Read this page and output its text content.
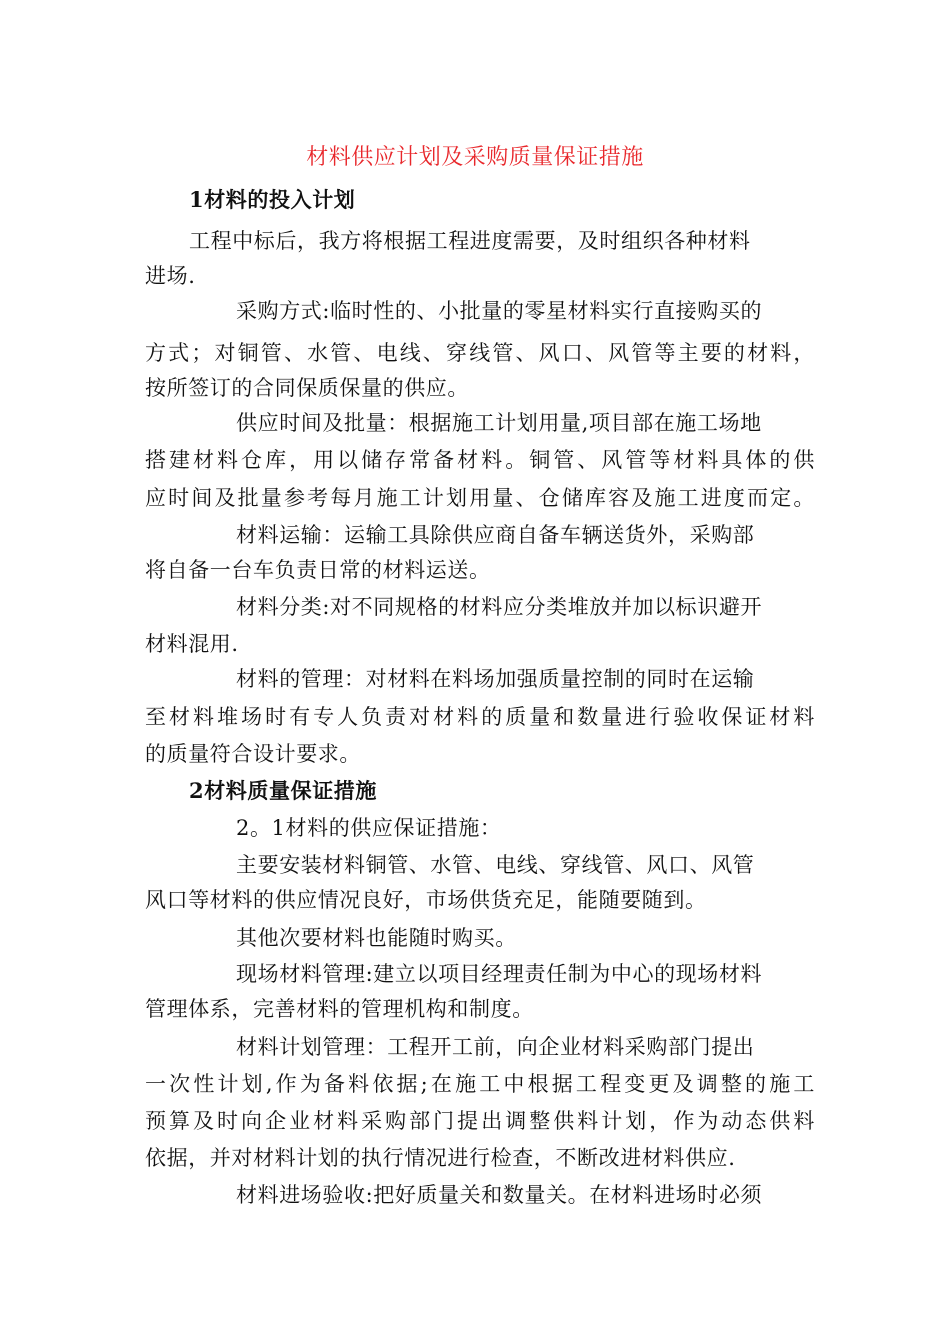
材料供应计划及采购质量保证措施
1材料的投入计划
工程中标后，我方将根据工程进度需要，及时组织各种材料
进场.
采购方式:临时性的、小批量的零星材料实行直接购买的
方式；对铜管、水管、电线、穿线管、风口、风管等主要的材料，
按所签订的合同保质保量的供应。
供应时间及批量：根据施工计划用量,项目部在施工场地
搭建材料仓库，用以储存常备材料。铜管、风管等材料具体的供
应时间及批量参考每月施工计划用量、仓储库容及施工进度而定。
材料运输：运输工具除供应商自备车辆送货外，采购部
将自备一台车负责日常的材料运送。
材料分类:对不同规格的材料应分类堆放并加以标识避开
材料混用.
材料的管理：对材料在料场加强质量控制的同时在运输
至材料堆场时有专人负责对材料的质量和数量进行验收保证材料
的质量符合设计要求。
2材料质量保证措施
2。1材料的供应保证措施：
主要安装材料铜管、水管、电线、穿线管、风口、风管
风口等材料的供应情况良好，市场供货充足，能随要随到。
其他次要材料也能随时购买。
现场材料管理:建立以项目经理责任制为中心的现场材料
管理体系，完善材料的管理机构和制度。
材料计划管理：工程开工前，向企业材料采购部门提出
一次性计划,作为备料依据;在施工中根据工程变更及调整的施工
预算及时向企业材料采购部门提出调整供料计划，作为动态供料
依据，并对材料计划的执行情况进行检查，不断改进材料供应.
材料进场验收:把好质量关和数量关。在材料进场时必须
